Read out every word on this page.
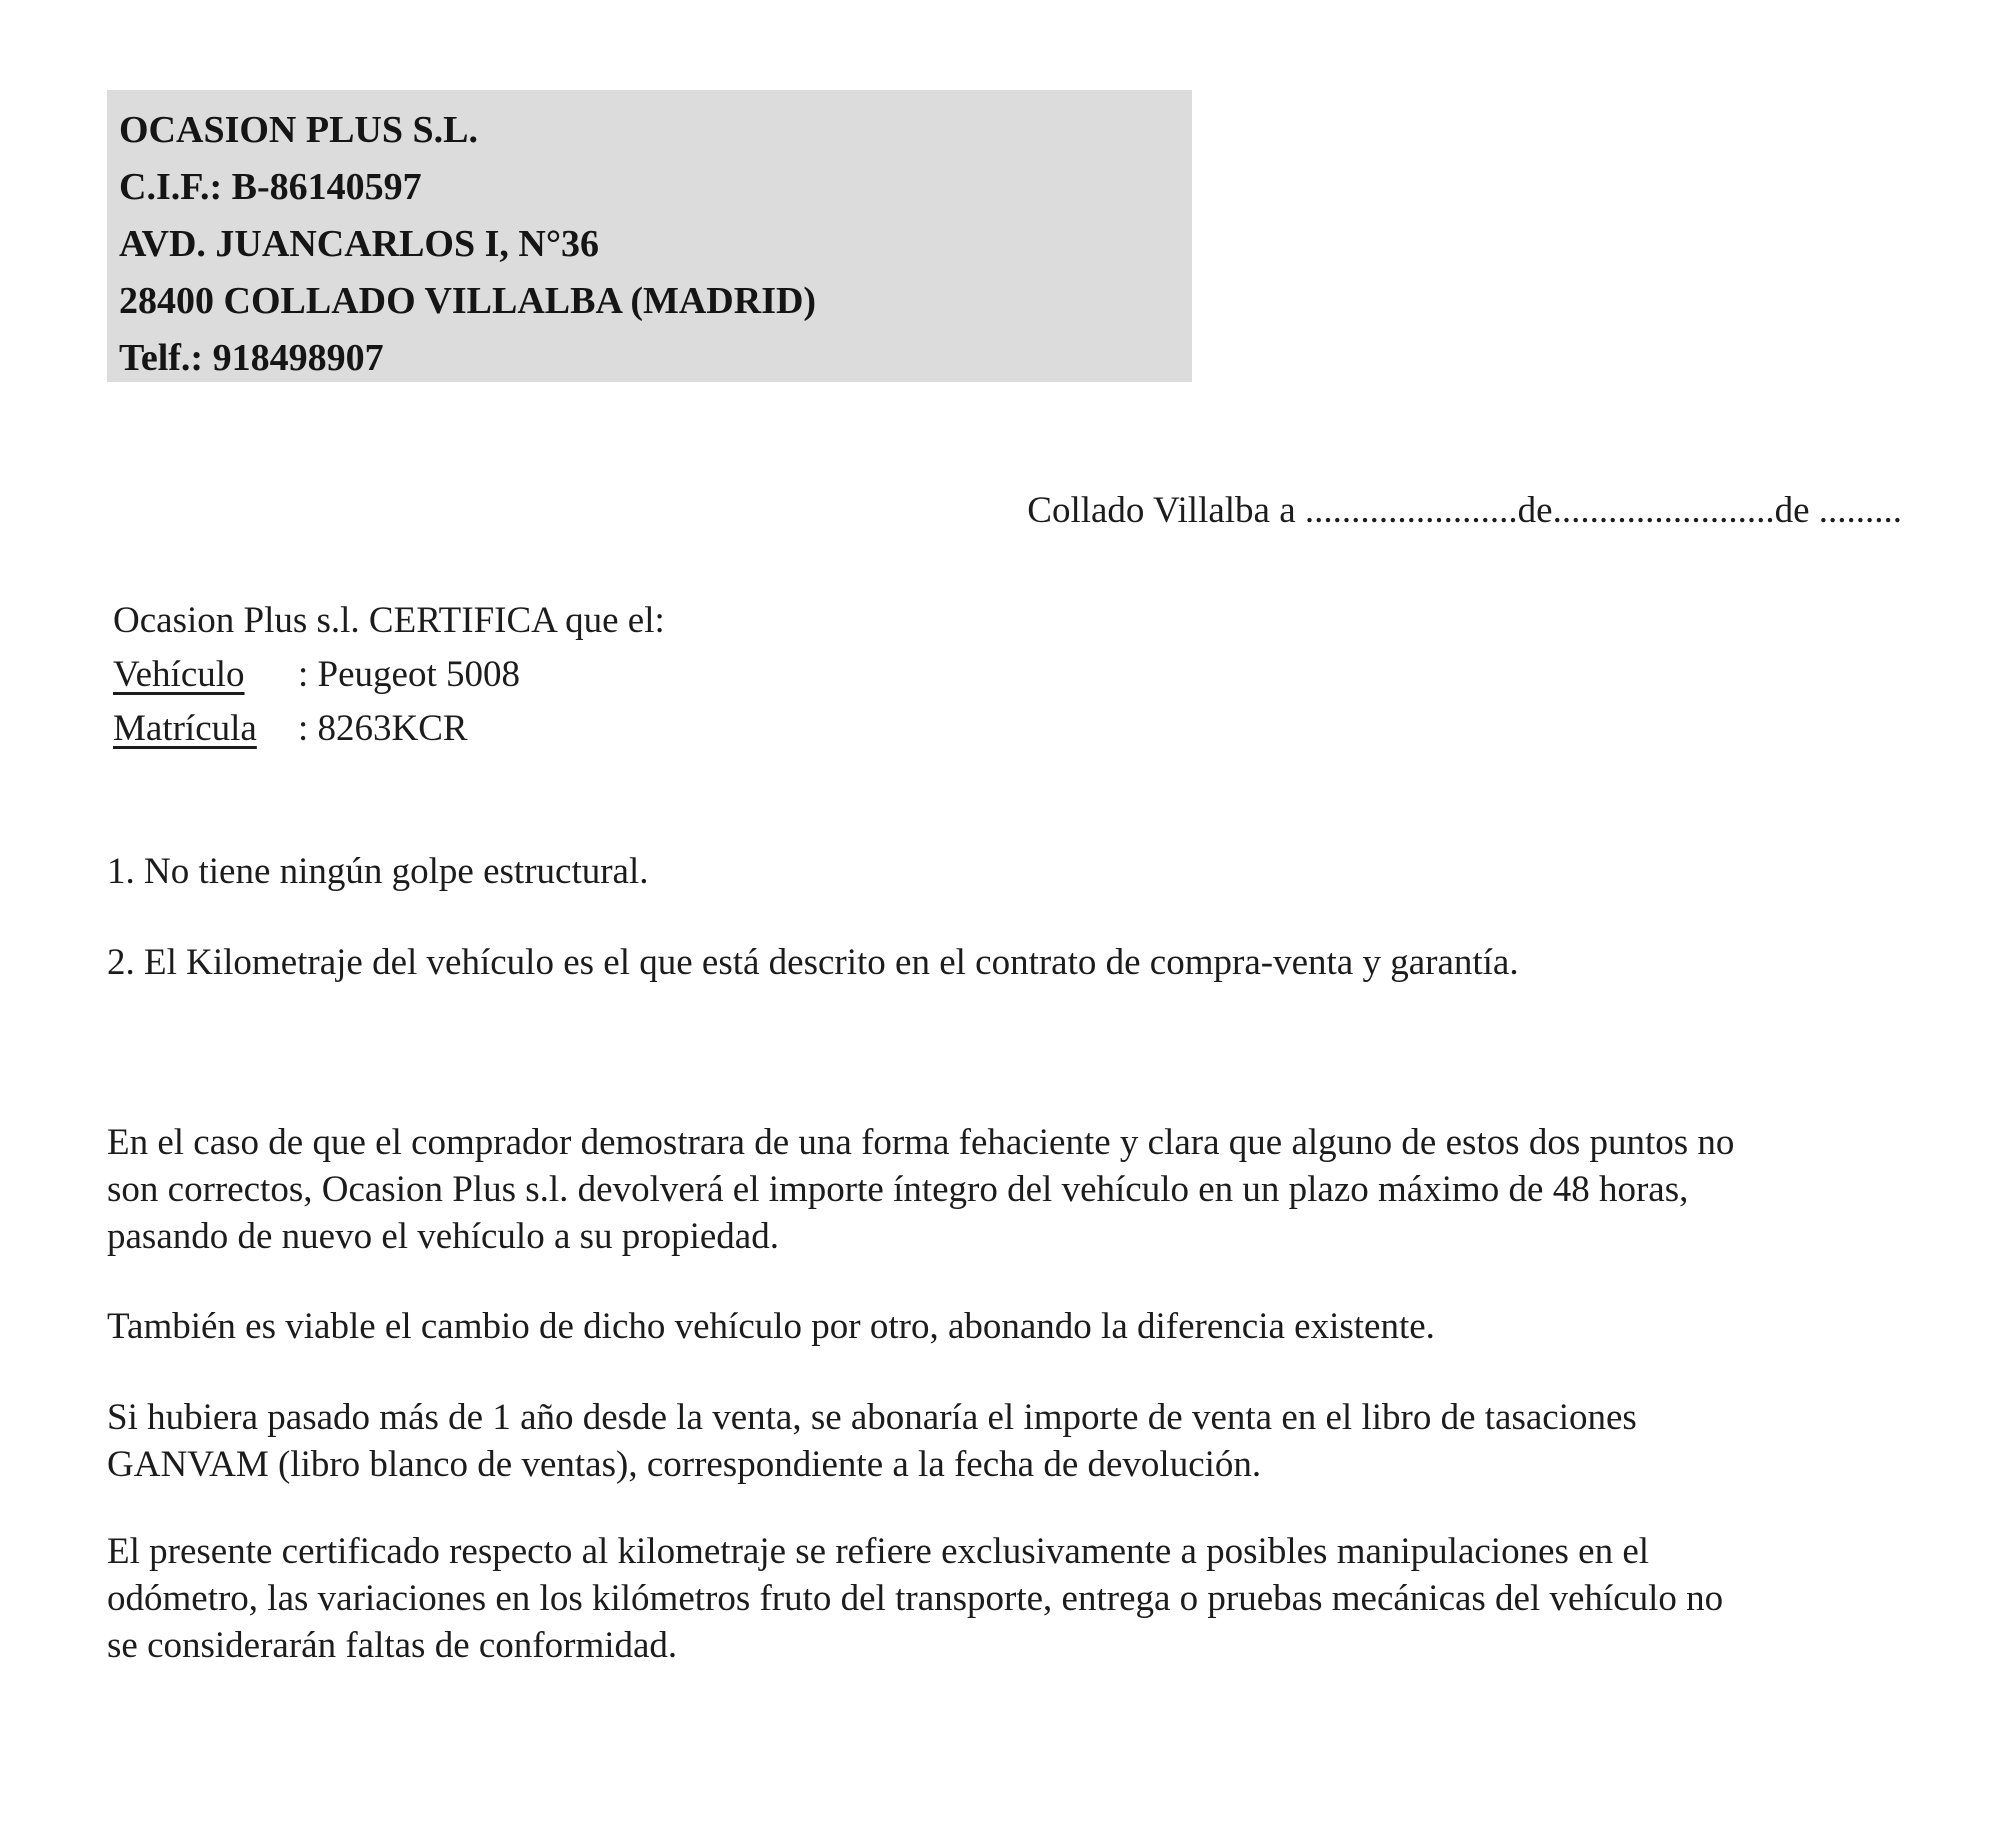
OCASION PLUS S.L.
C.I.F.: B-86140597
AVD. JUANCARLOS I, N°36
28400 COLLADO VILLALBA (MADRID)
Telf.: 918498907
Collado Villalba a .......................de........................de .........
Ocasion Plus s.l. CERTIFICA que el:
Vehículo	: Peugeot 5008
Matrícula	: 8263KCR
1. No tiene ningún golpe estructural.
2. El Kilometraje del vehículo es el que está descrito en el contrato de compra-venta y garantía.
En el caso de que el comprador demostrara de una forma fehaciente y clara que alguno de estos dos puntos no
son correctos, Ocasion Plus s.l. devolverá el importe íntegro del vehículo en un plazo máximo de 48 horas,
pasando de nuevo el vehículo a su propiedad.
También es viable el cambio de dicho vehículo por otro, abonando la diferencia existente.
Si hubiera pasado más de 1 año desde la venta, se abonaría el importe de venta en el libro de tasaciones
GANVAM (libro blanco de ventas), correspondiente a la fecha de devolución.
El presente certificado respecto al kilometraje se refiere exclusivamente a posibles manipulaciones en el
odómetro, las variaciones en los kilómetros fruto del transporte, entrega o pruebas mecánicas del vehículo no
se considerarán faltas de conformidad.
